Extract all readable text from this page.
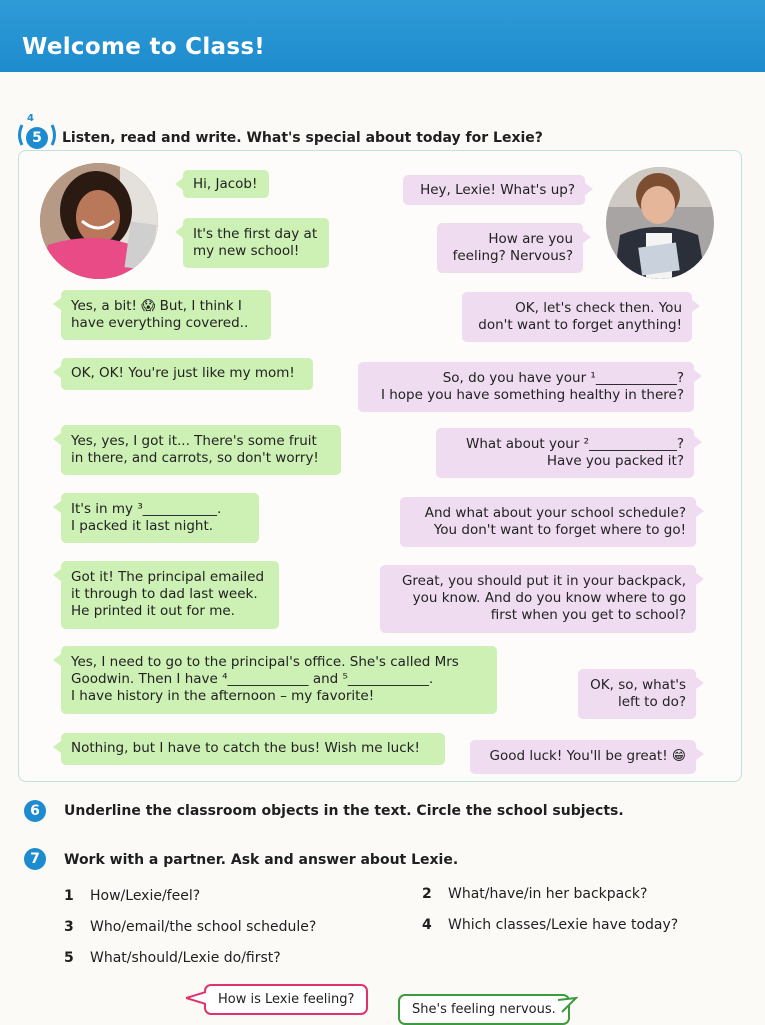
Welcome to Class!
4
5	Listen, read and write. What's special about today for Lexie?
Hi, Jacob!	Hey, Lexie! What's up?
It's the first day at
my new school!
How are you
feeling? Nervous?
Yes, a bit! 😱 But, I think I
have everything covered..
OK, let's check then. You
don't want to forget anything!
OK, OK! You're just like my mom!	So, do you have your ¹____________?
I hope you have something healthy in there?
Yes, yes, I got it... There's some fruit
in there, and carrots, so don't worry!
What about your ²_____________?
Have you packed it?
It's in my ³___________.
I packed it last night.
And what about your school schedule?
You don't want to forget where to go!
Got it! The principal emailed
it through to dad last week.
He printed it out for me.
Great, you should put it in your backpack,
you know. And do you know where to go
first when you get to school?
Yes, I need to go to the principal's office. She's called Mrs
Goodwin. Then I have ⁴____________ and ⁵____________.
I have history in the afternoon – my favorite!
OK, so, what's
left to do?
Nothing, but I have to catch the bus! Wish me luck!	Good luck! You'll be great! 😁
6	Underline the classroom objects in the text. Circle the school subjects.
7	Work with a partner. Ask and answer about Lexie.
1 How/Lexie/feel?	2 What/have/in her backpack?
3 Who/email/the school schedule?	4 Which classes/Lexie have today?
5 What/should/Lexie do/first?
How is Lexie feeling?
She's feeling nervous.
